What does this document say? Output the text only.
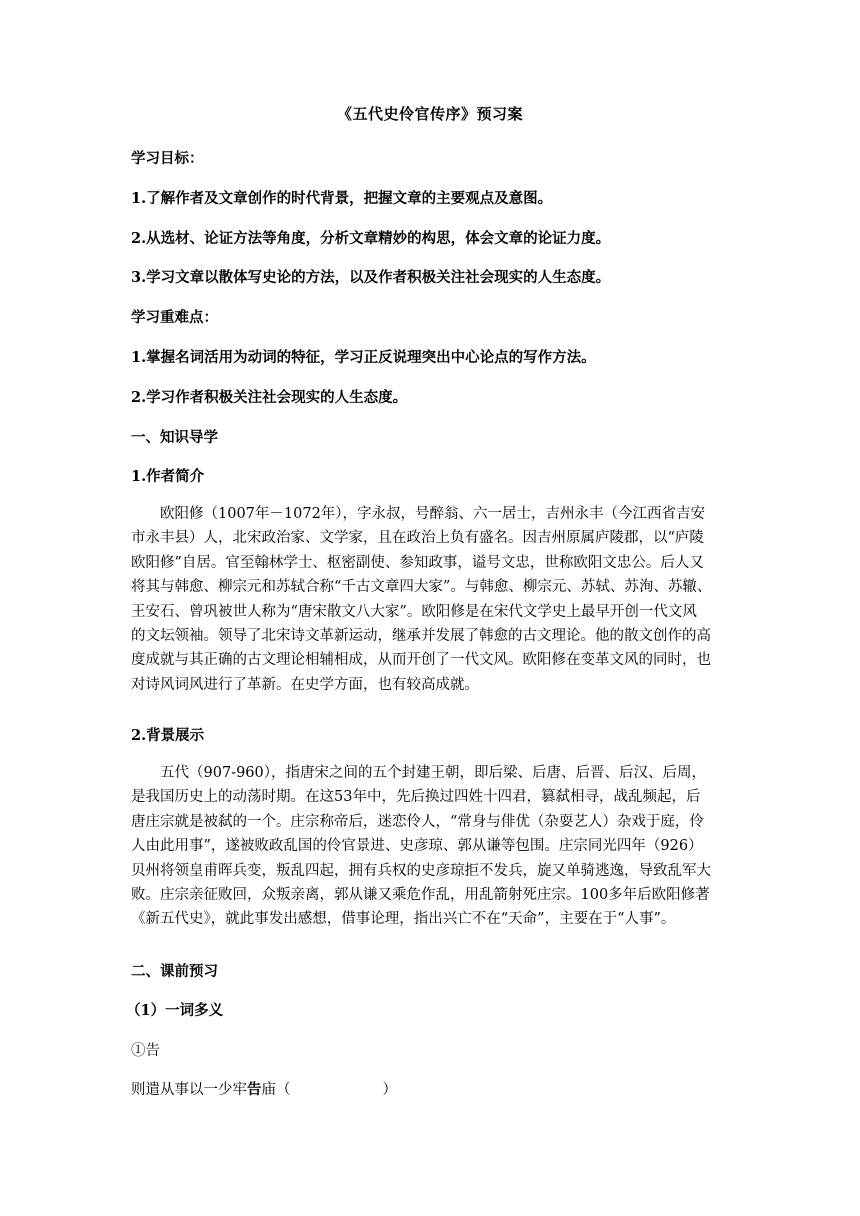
《五代史伶官传序》预习案
学习目标：
1.了解作者及文章创作的时代背景，把握文章的主要观点及意图。
2.从选材、论证方法等角度，分析文章精妙的构思，体会文章的论证力度。
3.学习文章以散体写史论的方法，以及作者积极关注社会现实的人生态度。
学习重难点：
1.掌握名词活用为动词的特征，学习正反说理突出中心论点的写作方法。
2.学习作者积极关注社会现实的人生态度。
一、知识导学
1.作者简介
欧阳修（1007年－1072年），字永叔，号醉翁、六一居士，吉州永丰（今江西省吉安
市永丰县）人，北宋政治家、文学家，且在政治上负有盛名。因吉州原属庐陵郡，以“庐陵
欧阳修”自居。官至翰林学士、枢密副使、参知政事，谥号文忠，世称欧阳文忠公。后人又
将其与韩愈、柳宗元和苏轼合称“千古文章四大家”。与韩愈、柳宗元、苏轼、苏洵、苏辙、
王安石、曾巩被世人称为“唐宋散文八大家”。欧阳修是在宋代文学史上最早开创一代文风
的文坛领袖。领导了北宋诗文革新运动，继承并发展了韩愈的古文理论。他的散文创作的高
度成就与其正确的古文理论相辅相成，从而开创了一代文风。欧阳修在变革文风的同时，也
对诗风词风进行了革新。在史学方面，也有较高成就。
2.背景展示
五代（907-960），指唐宋之间的五个封建王朝，即后梁、后唐、后晋、后汉、后周，
是我国历史上的动荡时期。在这53年中，先后换过四姓十四君，篡弑相寻，战乱频起，后
唐庄宗就是被弑的一个。庄宗称帝后，迷恋伶人，“常身与俳优（杂耍艺人）杂戏于庭，伶
人由此用事”，遂被败政乱国的伶官景进、史彦琼、郭从谦等包围。庄宗同光四年（926）
贝州将领皇甫晖兵变，叛乱四起，拥有兵权的史彦琼拒不发兵，旋又单骑逃逸，导致乱军大
败。庄宗亲征败回，众叛亲离，郭从谦又乘危作乱，用乱箭射死庄宗。100多年后欧阳修著
《新五代史》，就此事发出感想，借事论理，指出兴亡不在“天命”，主要在于“人事”。
二、课前预习
（1）一词多义
①告
则遣从事以一少牢告庙（	）
